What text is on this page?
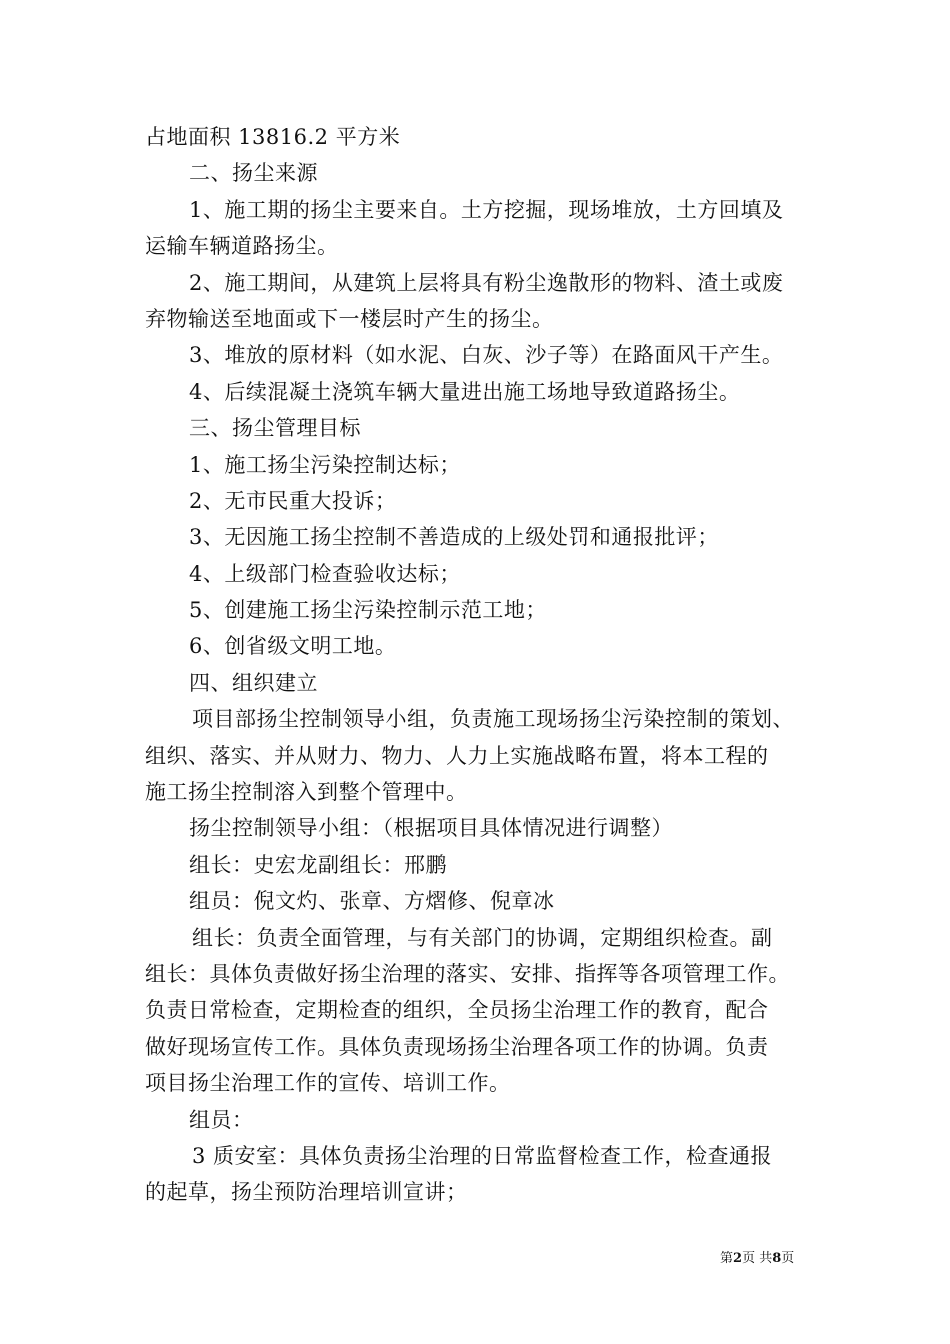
占地面积 13816.2 平方米
二、扬尘来源
1、施工期的扬尘主要来自。土方挖掘，现场堆放，土方回填及
运输车辆道路扬尘。
2、施工期间，从建筑上层将具有粉尘逸散形的物料、渣土或废
弃物输送至地面或下一楼层时产生的扬尘。
3、堆放的原材料（如水泥、白灰、沙子等）在路面风干产生。
4、后续混凝土浇筑车辆大量进出施工场地导致道路扬尘。
三、扬尘管理目标
1、施工扬尘污染控制达标；
2、无市民重大投诉；
3、无因施工扬尘控制不善造成的上级处罚和通报批评；
4、上级部门检查验收达标；
5、创建施工扬尘污染控制示范工地；
6、创省级文明工地。
四、组织建立
项目部扬尘控制领导小组，负责施工现场扬尘污染控制的策划、
组织、落实、并从财力、物力、人力上实施战略布置，将本工程的
施工扬尘控制溶入到整个管理中。
扬尘控制领导小组：（根据项目具体情况进行调整）
组长：史宏龙副组长：邢鹏
组员：倪文灼、张章、方熠修、倪章冰
组长：负责全面管理，与有关部门的协调，定期组织检查。副
组长：具体负责做好扬尘治理的落实、安排、指挥等各项管理工作。
负责日常检查，定期检查的组织，全员扬尘治理工作的教育，配合
做好现场宣传工作。具体负责现场扬尘治理各项工作的协调。负责
项目扬尘治理工作的宣传、培训工作。
组员：
3 质安室：具体负责扬尘治理的日常监督检查工作，检查通报
的起草，扬尘预防治理培训宣讲；
第2页 共8页
